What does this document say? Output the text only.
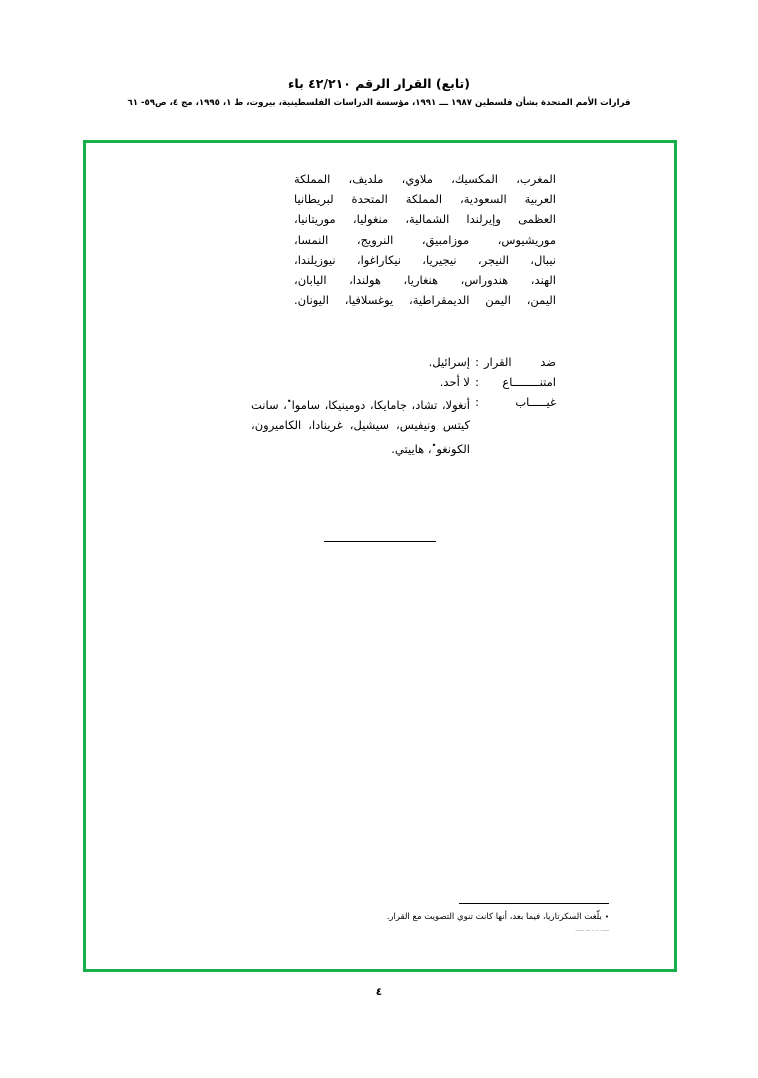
(تابع) القرار الرقم ٤٢/٢١٠ باء
قرارات الأمم المتحدة بشأن فلسطين ١٩٨٧ ـــ ١٩٩١، مؤسسة الدراسات الفلسطينية، بيروت، ط ١، ١٩٩٥، مج ٤، ص٥٩- ٦١
المغرب، المكسيك، ملاوي، ملديف، المملكة
العربية السعودية، المملكة المتحدة لبريطانيا
العظمى وإيرلندا الشمالية، منغوليا، موريتانيا،
موريشيوس، موزامبيق، النرويج، النمسا،
نيبال، النيجر، نيجيريا، نيكاراغوا، نيوزيلندا،
الهند، هندوراس، هنغاريا، هولندا، اليابان،
اليمن، اليمن الديمقراطية، يوغسلافيا، اليونان.
ضد القرار
:
إسرائيل.
امتنــــــــاع
:
لا أحد.
غيـــــاب
:
أنغولا، تشاد، جامايكا، دومينيكا، ساموا•، سانت كيتس ونيفيس، سيشيل، غرينادا، الكاميرون،
الكونغو•، هاييتي.
•بلّغت السكرتاريا، فيما بعد، أنها كانت تنوي التصويت مع القرار.
ــــ ـ ـ ــ ــــ
٤
